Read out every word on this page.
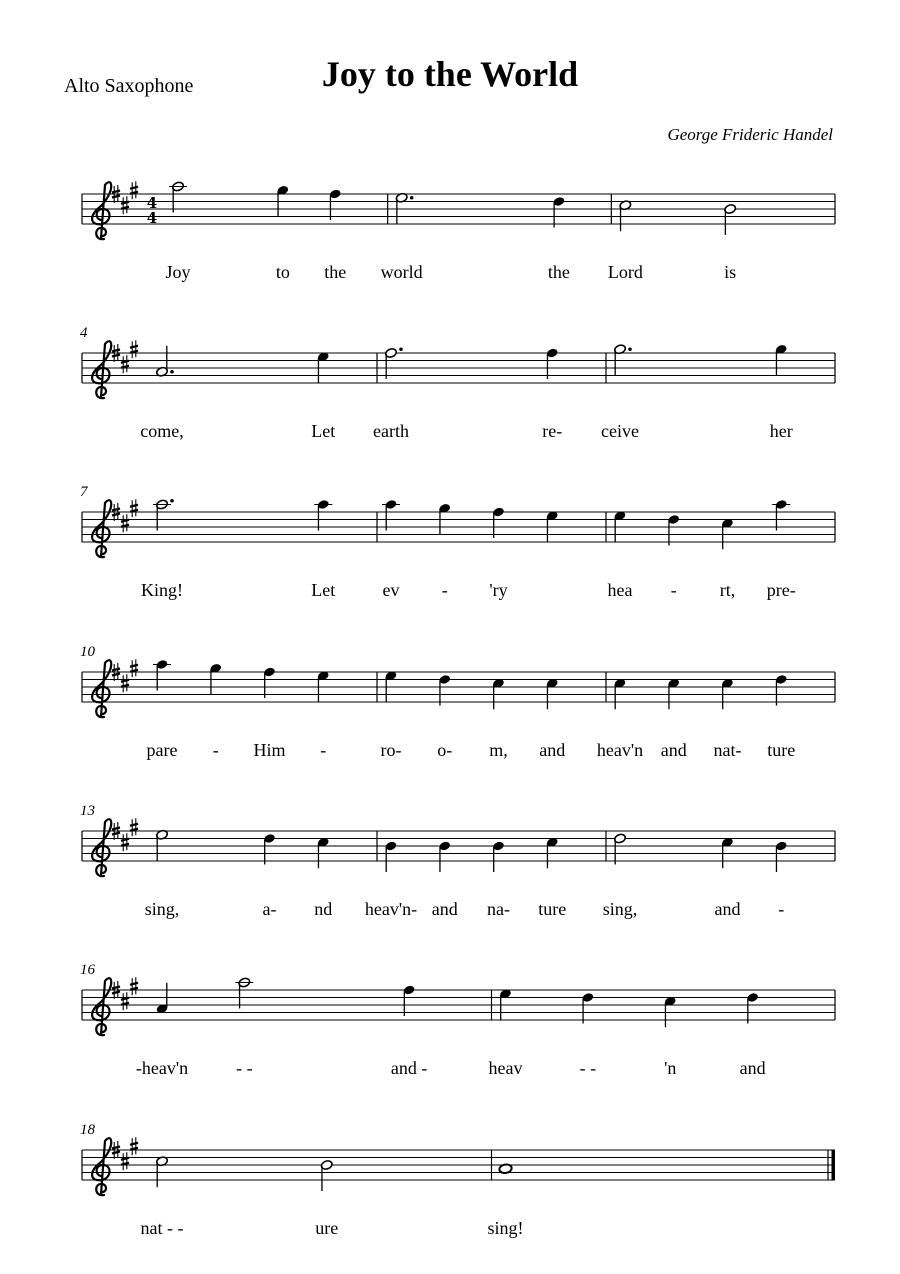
Joy to the World
Alto Saxophone
George Frideric Handel
4
4
Joy	to the world	the Lord	is
4
come,	Let earth	re- ceive	her
7
King!	Let	ev - 'ry	hea - rt, pre-
10
pare - Him -	ro- o- m, and heav'n and nat- ture
13
sing,	a- nd heav'n- and na- ture sing,	and -
16
-heav'n	- -	and -	heav	- -	'n	and
18
nat - -	ure	sing!
